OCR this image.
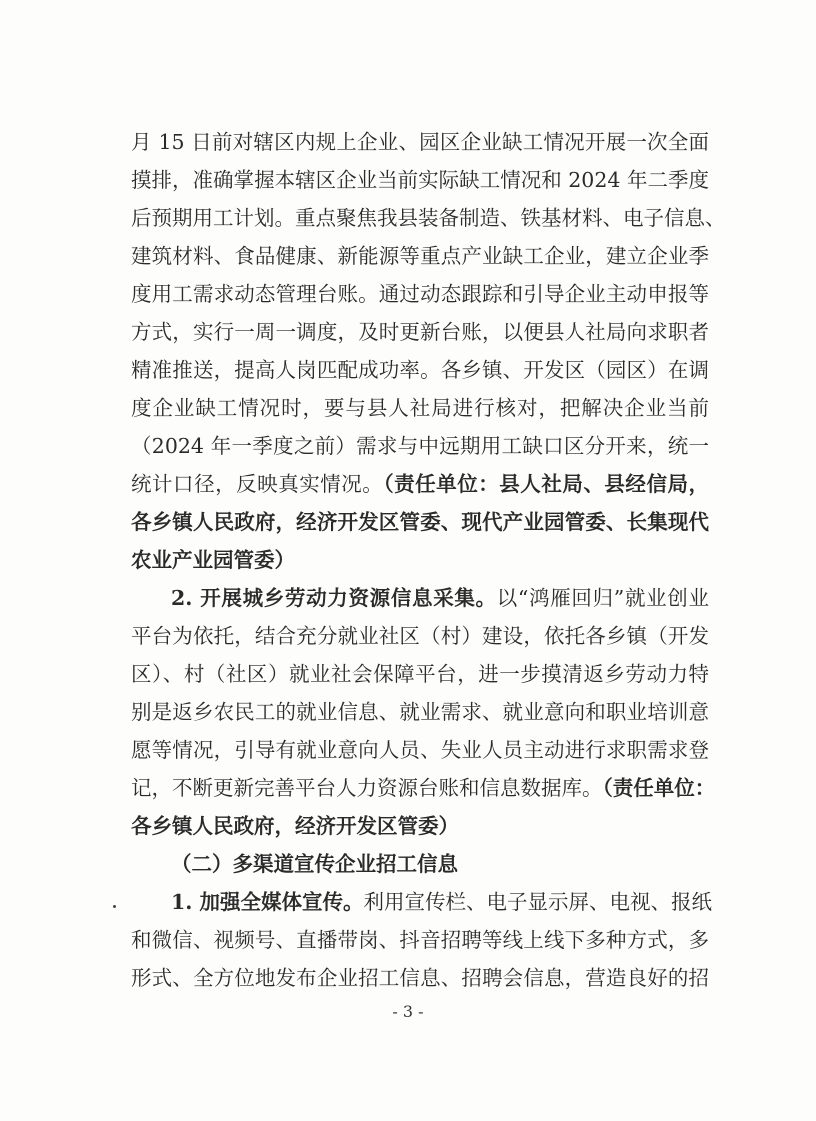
月 15 日前对辖区内规上企业、园区企业缺工情况开展一次全面
摸排，准确掌握本辖区企业当前实际缺工情况和 2024 年二季度
后预期用工计划。重点聚焦我县装备制造、铁基材料、电子信息、
建筑材料、食品健康、新能源等重点产业缺工企业，建立企业季
度用工需求动态管理台账。通过动态跟踪和引导企业主动申报等
方式，实行一周一调度，及时更新台账，以便县人社局向求职者
精准推送，提高人岗匹配成功率。各乡镇、开发区（园区）在调
度企业缺工情况时，要与县人社局进行核对，把解决企业当前
（2024 年一季度之前）需求与中远期用工缺口区分开来，统一
统计口径，反映真实情况。（责任单位：县人社局、县经信局，
各乡镇人民政府，经济开发区管委、现代产业园管委、长集现代
农业产业园管委）
2. 开展城乡劳动力资源信息采集。以“鸿雁回归”就业创业
平台为依托，结合充分就业社区（村）建设，依托各乡镇（开发
区）、村（社区）就业社会保障平台，进一步摸清返乡劳动力特
别是返乡农民工的就业信息、就业需求、就业意向和职业培训意
愿等情况，引导有就业意向人员、失业人员主动进行求职需求登
记，不断更新完善平台人力资源台账和信息数据库。（责任单位：
各乡镇人民政府，经济开发区管委）
（二）多渠道宣传企业招工信息
1. 加强全媒体宣传。利用宣传栏、电子显示屏、电视、报纸
和微信、视频号、直播带岗、抖音招聘等线上线下多种方式，多
形式、全方位地发布企业招工信息、招聘会信息，营造良好的招
- 3 -
